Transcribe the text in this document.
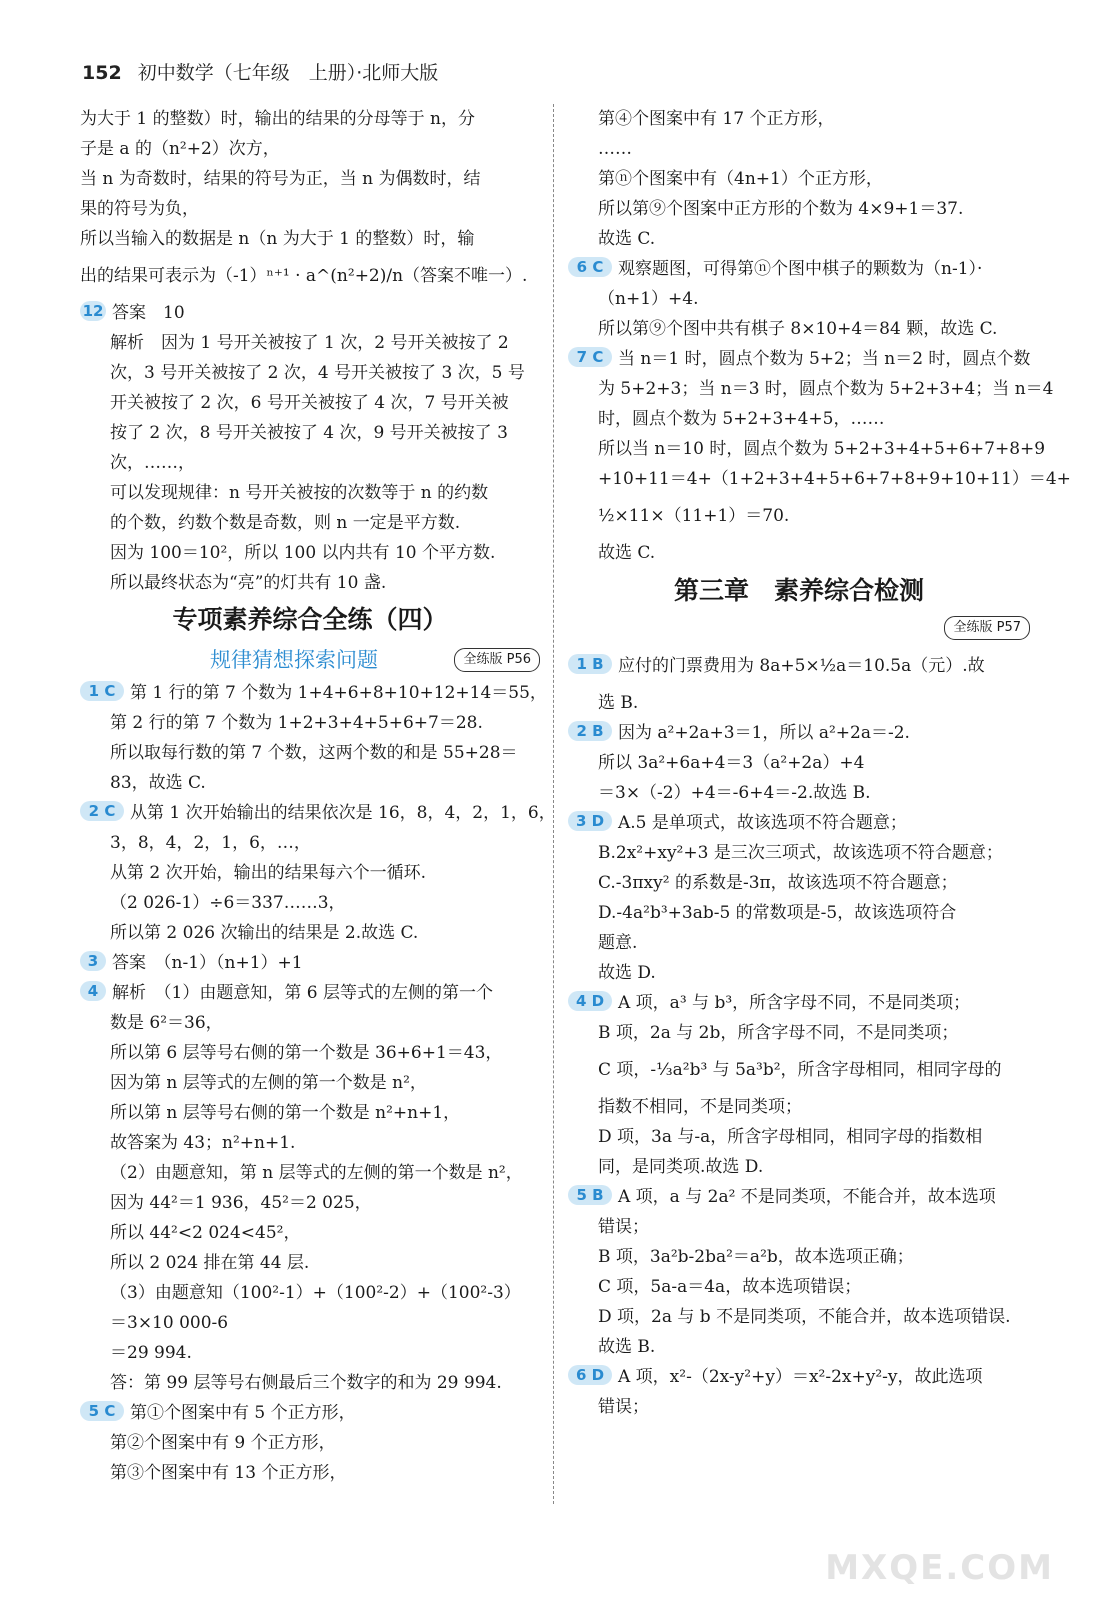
152 初中数学（七年级　上册）·北师大版
为大于 1 的整数）时，输出的结果的分母等于 n，分
子是 a 的（n²+2）次方，
当 n 为奇数时，结果的符号为正，当 n 为偶数时，结
果的符号为负，
所以当输入的数据是 n（n 为大于 1 的整数）时，输
出的结果可表示为（-1）ⁿ⁺¹ · a^(n²+2)/n（答案不唯一）.
12 答案　10
解析　因为 1 号开关被按了 1 次，2 号开关被按了 2
次，3 号开关被按了 2 次，4 号开关被按了 3 次，5 号
开关被按了 2 次，6 号开关被按了 4 次，7 号开关被
按了 2 次，8 号开关被按了 4 次，9 号开关被按了 3
次，……，
可以发现规律：n 号开关被按的次数等于 n 的约数
的个数，约数个数是奇数，则 n 一定是平方数.
因为 100＝10²，所以 100 以内共有 10 个平方数.
所以最终状态为“亮”的灯共有 10 盏.
专项素养综合全练（四）
规律猜想探索问题	全练版 P56
1 C 第 1 行的第 7 个数为 1+4+6+8+10+12+14＝55，
第 2 行的第 7 个数为 1+2+3+4+5+6+7＝28.
所以取每行数的第 7 个数，这两个数的和是 55+28＝
83，故选 C.
2 C 从第 1 次开始输出的结果依次是 16，8，4，2，1，6，
3，8，4，2，1，6，…，
从第 2 次开始，输出的结果每六个一循环.
（2 026-1）÷6＝337……3，
所以第 2 026 次输出的结果是 2.故选 C.
3 答案　（n-1）（n+1）+1
4 解析　（1）由题意知，第 6 层等式的左侧的第一个
数是 6²＝36，
所以第 6 层等号右侧的第一个数是 36+6+1＝43，
因为第 n 层等式的左侧的第一个数是 n²，
所以第 n 层等号右侧的第一个数是 n²+n+1，
故答案为 43；n²+n+1.
（2）由题意知，第 n 层等式的左侧的第一个数是 n²，
因为 44²＝1 936，45²＝2 025，
所以 44²<2 024<45²，
所以 2 024 排在第 44 层.
（3）由题意知（100²-1）+（100²-2）+（100²-3）
＝3×10 000-6
＝29 994.
答：第 99 层等号右侧最后三个数字的和为 29 994.
5 C 第①个图案中有 5 个正方形，
第②个图案中有 9 个正方形，
第③个图案中有 13 个正方形，
第④个图案中有 17 个正方形，
……
第ⓝ个图案中有（4n+1）个正方形，
所以第⑨个图案中正方形的个数为 4×9+1＝37.
故选 C.
6 C 观察题图，可得第ⓝ个图中棋子的颗数为（n-1）·
（n+1）+4.
所以第⑨个图中共有棋子 8×10+4＝84 颗，故选 C.
7 C 当 n＝1 时，圆点个数为 5+2；当 n＝2 时，圆点个数
为 5+2+3；当 n＝3 时，圆点个数为 5+2+3+4；当 n＝4
时，圆点个数为 5+2+3+4+5，……
所以当 n＝10 时，圆点个数为 5+2+3+4+5+6+7+8+9
+10+11＝4+（1+2+3+4+5+6+7+8+9+10+11）＝4+
½×11×（11+1）＝70.
故选 C.
第三章　素养综合检测
全练版 P57
1 B 应付的门票费用为 8a+5×½a＝10.5a（元）.故
选 B.
2 B 因为 a²+2a+3＝1，所以 a²+2a＝-2.
所以 3a²+6a+4＝3（a²+2a）+4
＝3×（-2）+4＝-6+4＝-2.故选 B.
3 D A.5 是单项式，故该选项不符合题意；
B.2x²+xy²+3 是三次三项式，故该选项不符合题意；
C.-3πxy² 的系数是-3π，故该选项不符合题意；
D.-4a²b³+3ab-5 的常数项是-5，故该选项符合
题意.
故选 D.
4 D A 项，a³ 与 b³，所含字母不同，不是同类项；
B 项，2a 与 2b，所含字母不同，不是同类项；
C 项，-⅓a²b³ 与 5a³b²，所含字母相同，相同字母的
指数不相同，不是同类项；
D 项，3a 与-a，所含字母相同，相同字母的指数相
同，是同类项.故选 D.
5 B A 项，a 与 2a² 不是同类项，不能合并，故本选项
错误；
B 项，3a²b-2ba²＝a²b，故本选项正确；
C 项，5a-a＝4a，故本选项错误；
D 项，2a 与 b 不是同类项，不能合并，故本选项错误.
故选 B.
6 D A 项，x²-（2x-y²+y）＝x²-2x+y²-y，故此选项
错误；
MXQE.COM
